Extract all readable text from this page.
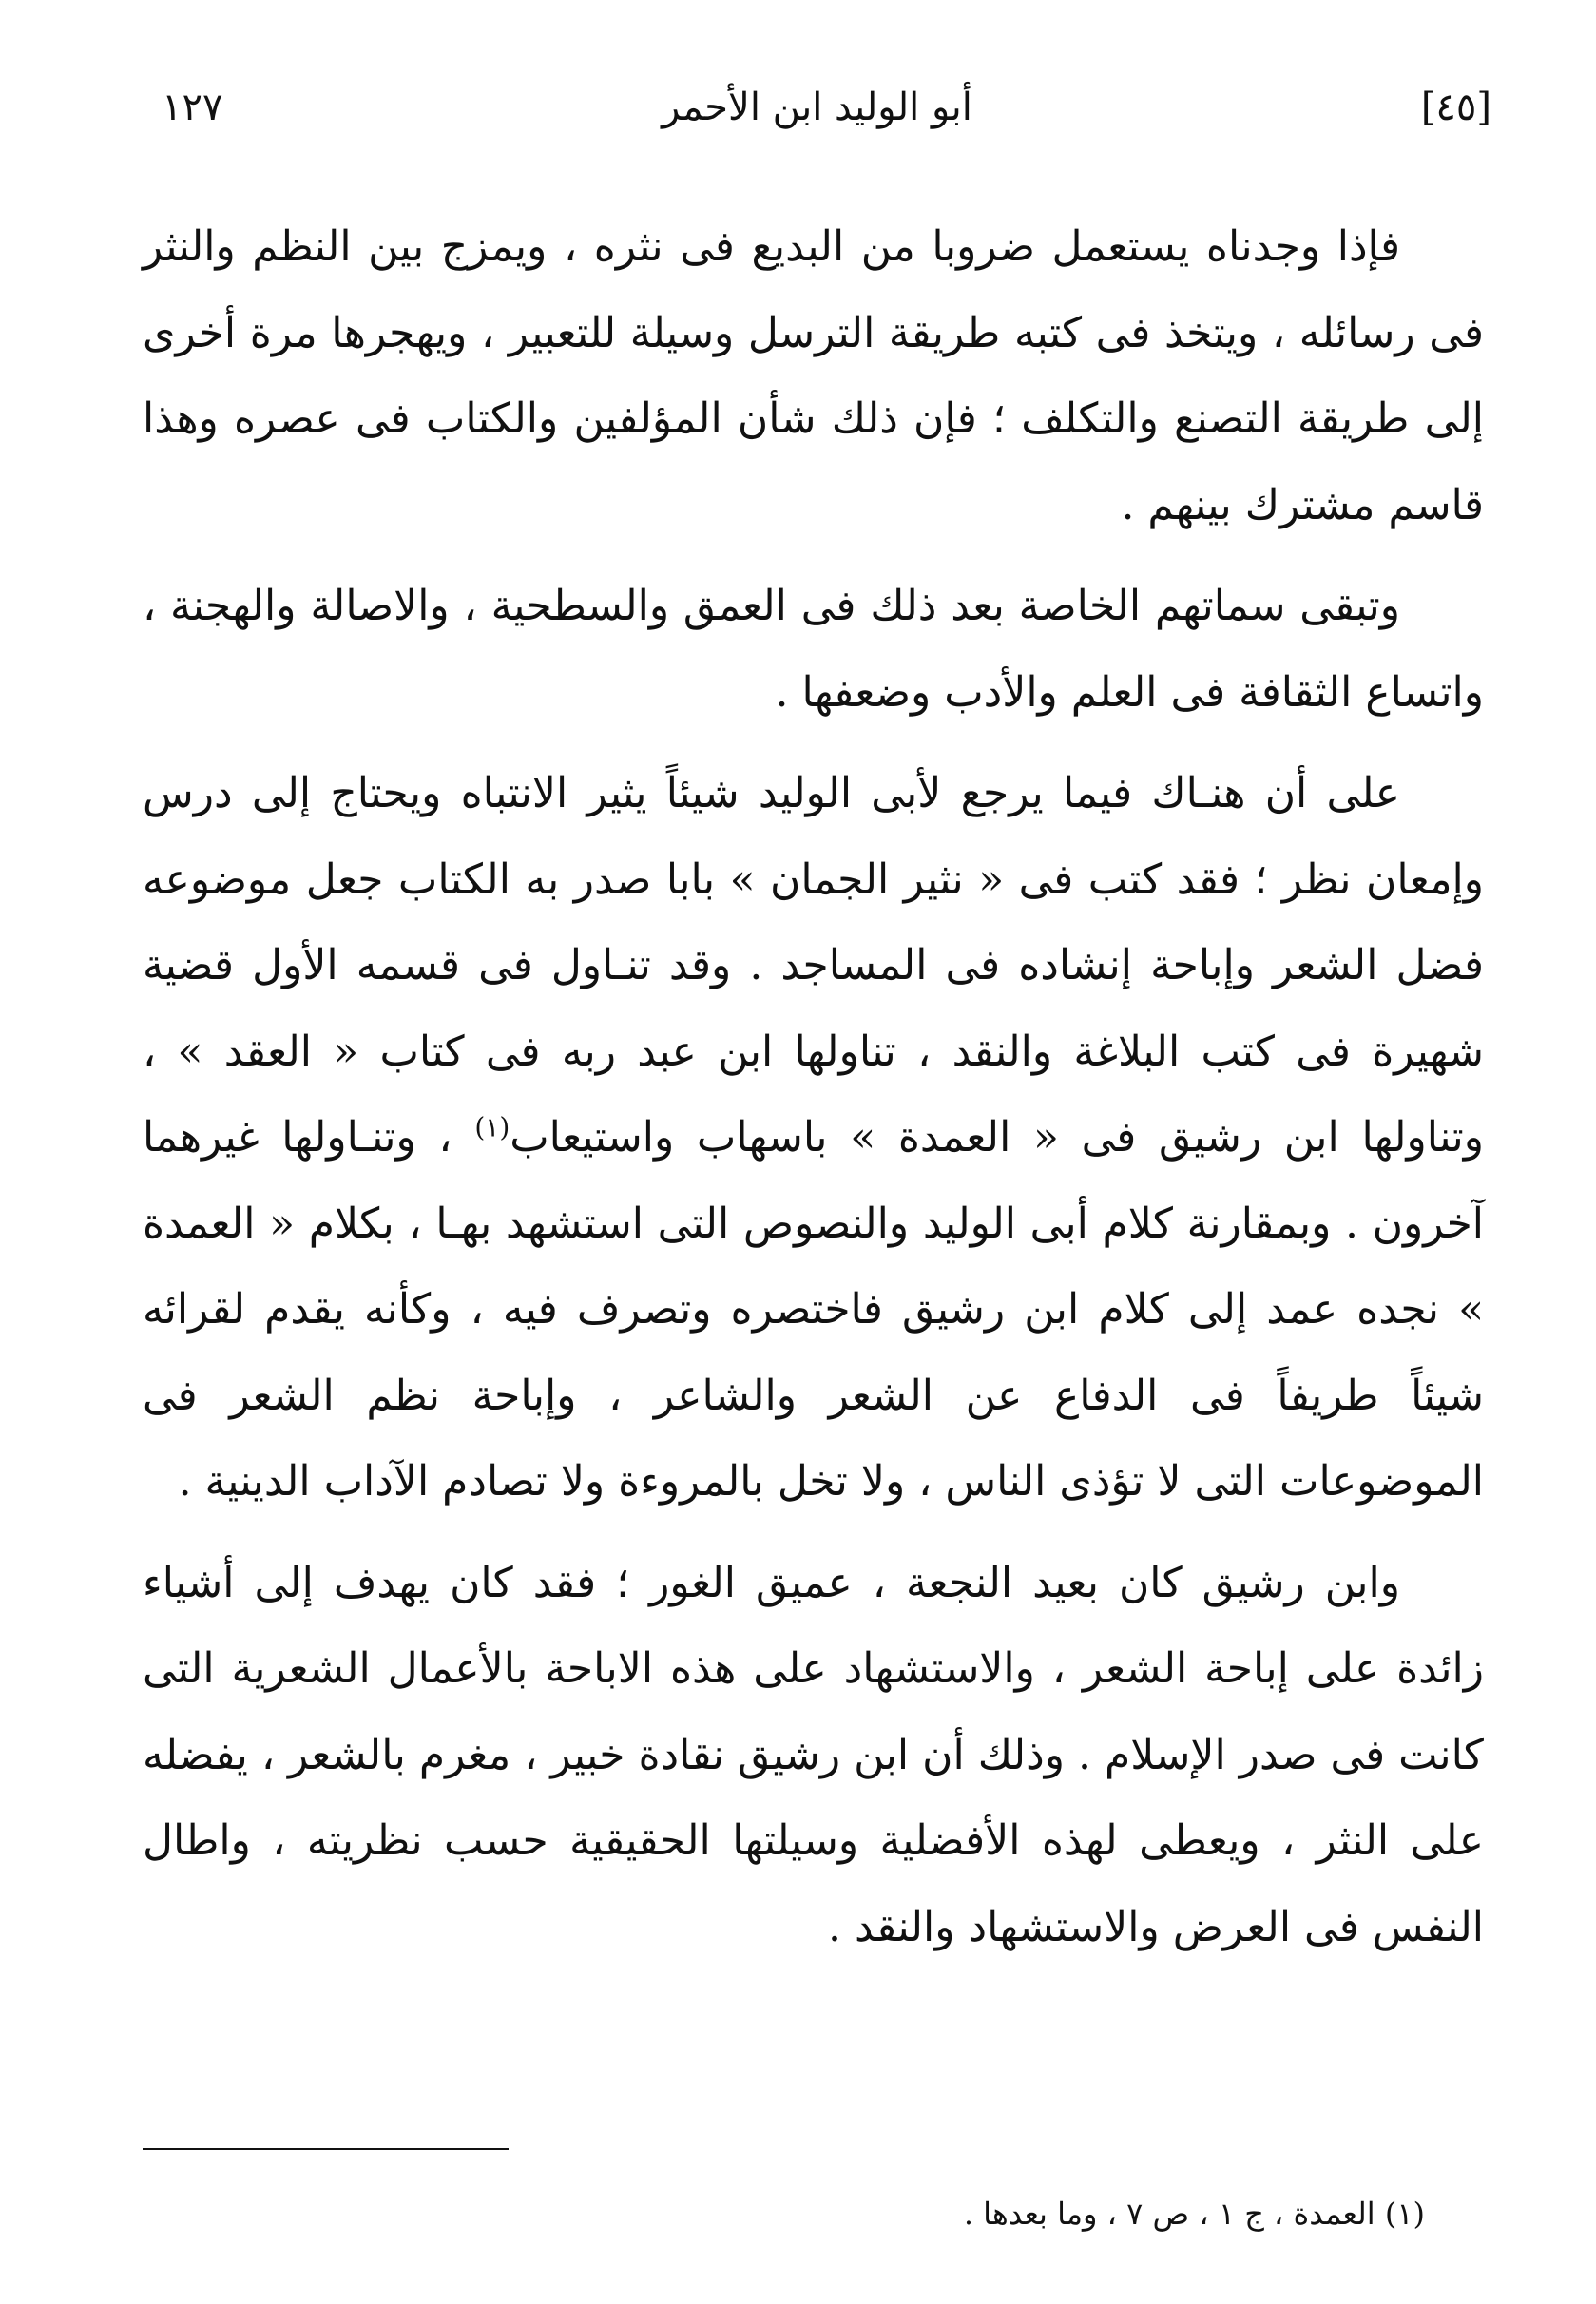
[٤٥]
أبو الوليد ابن الأحمر
١٢٧

فإذا وجدناه يستعمل ضروبا من البديع فى نثره ، ويمزج بين النظم والنثر فى رسائله ، ويتخذ فى كتبه طريقة الترسل وسيلة للتعبير ، ويهجرها مرة أخرى إلى طريقة التصنع والتكلف ؛ فإن ذلك شأن المؤلفين والكتاب فى عصره وهذا قاسم مشترك بينهم .

وتبقى سماتهم الخاصة بعد ذلك فى العمق والسطحية ، والاصالة والهجنة ، واتساع الثقافة فى العلم والأدب وضعفها .

على أن هنـاك فيما يرجع لأبى الوليد شيئاً يثير الانتباه ويحتاج إلى درس وإمعان نظر ؛ فقد كتب فى « نثير الجمان » بابا صدر به الكتاب جعل موضوعه فضل الشعر وإباحة إنشاده فى المساجد . وقد تنـاول فى قسمه الأول قضية شهيرة فى كتب البلاغة والنقد ، تناولها ابن عبد ربه فى كتاب « العقد » ، وتناولها ابن رشيق فى « العمدة » باسهاب واستيعاب$^{(١)}$ ، وتنـاولها غيرهما آخرون . وبمقارنة كلام أبى الوليد والنصوص التى استشهد بهـا ، بكلام « العمدة » نجده عمد إلى كلام ابن رشيق فاختصره وتصرف فيه ، وكأنه يقدم لقرائه شيئاً طريفاً فى الدفاع عن الشعر والشاعر ، وإباحة نظم الشعر فى الموضوعات التى لا تؤذى الناس ، ولا تخل بالمروءة ولا تصادم الآداب الدينية .

وابن رشيق كان بعيد النجعة ، عميق الغور ؛ فقد كان يهدف إلى أشياء زائدة على إباحة الشعر ، والاستشهاد على هذه الاباحة بالأعمال الشعرية التى كانت فى صدر الإسلام . وذلك أن ابن رشيق نقادة خبير ، مغرم بالشعر ، يفضله على النثر ، ويعطى لهذه الأفضلية وسيلتها الحقيقية حسب نظريته ، واطال النفس فى العرض والاستشهاد والنقد .

(١) العمدة ، ج ١ ، ص ٧ ، وما بعدها .
